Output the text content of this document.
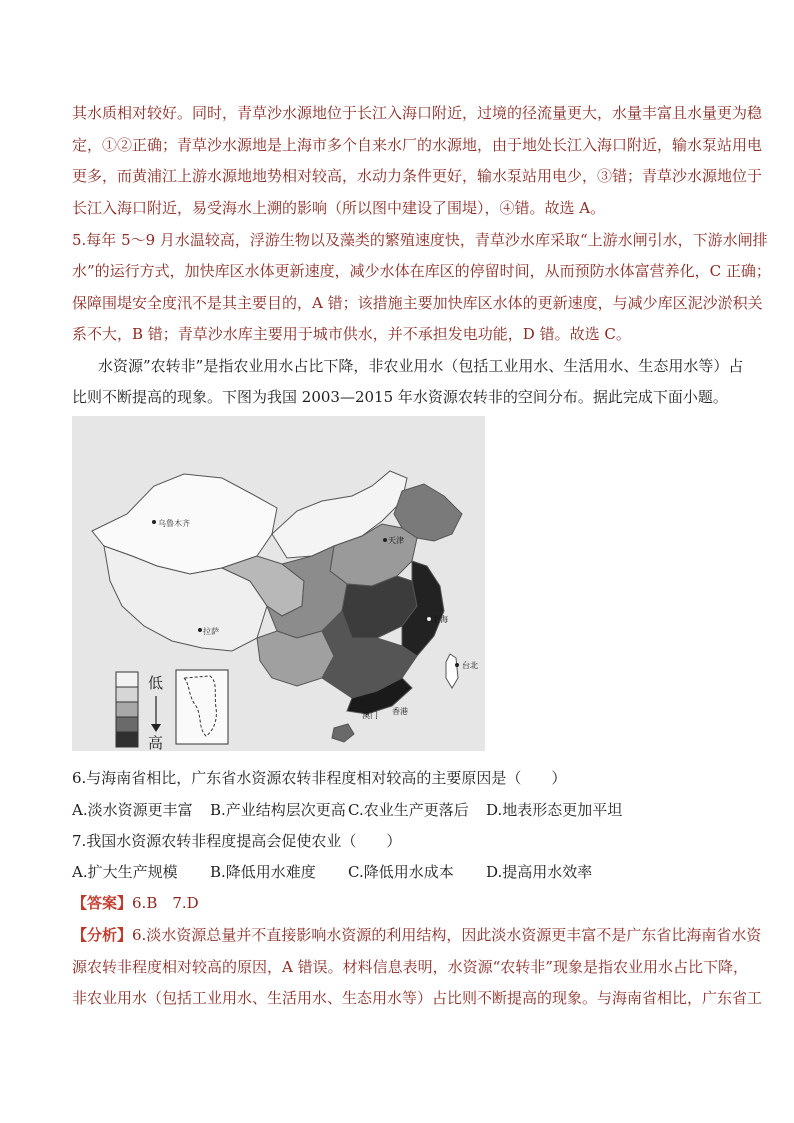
其水质相对较好。同时，青草沙水源地位于长江入海口附近，过境的径流量更大，水量丰富且水量更为稳
定，①②正确；青草沙水源地是上海市多个自来水厂的水源地，由于地处长江入海口附近，输水泵站用电
更多，而黄浦江上游水源地地势相对较高，水动力条件更好，输水泵站用电少，③错；青草沙水源地位于
长江入海口附近，易受海水上溯的影响（所以图中建设了围堤），④错。故选 A。
5.每年 5～9 月水温较高，浮游生物以及藻类的繁殖速度快，青草沙水库采取“上游水闸引水，下游水闸排
水”的运行方式，加快库区水体更新速度，减少水体在库区的停留时间，从而预防水体富营养化，C 正确；
保障围堤安全度汛不是其主要目的，A 错；该措施主要加快库区水体的更新速度，与减少库区泥沙淤积关
系不大，B 错；青草沙水库主要用于城市供水，并不承担发电功能，D 错。故选 C。
水资源”农转非”是指农业用水占比下降，非农业用水（包括工业用水、生活用水、生态用水等）占
比则不断提高的现象。下图为我国 2003—2015 年水资源农转非的空间分布。据此完成下面小题。
低
高
乌鲁木齐
天津
上海
拉萨
台北
澳门 香港
6.与海南省相比，广东省水资源农转非程度相对较高的主要原因是（　　）
A.淡水资源更丰富 B.产业结构层次更高 C.农业生产更落后 D.地表形态更加平坦
7.我国水资源农转非程度提高会促使农业（　　）
A.扩大生产规模 B.降低用水难度 C.降低用水成本 D.提高用水效率
【答案】6.B　7.D
【分析】6.淡水资源总量并不直接影响水资源的利用结构，因此淡水资源更丰富不是广东省比海南省水资
源农转非程度相对较高的原因，A 错误。材料信息表明，水资源“农转非”现象是指农业用水占比下降，
非农业用水（包括工业用水、生活用水、生态用水等）占比则不断提高的现象。与海南省相比，广东省工
